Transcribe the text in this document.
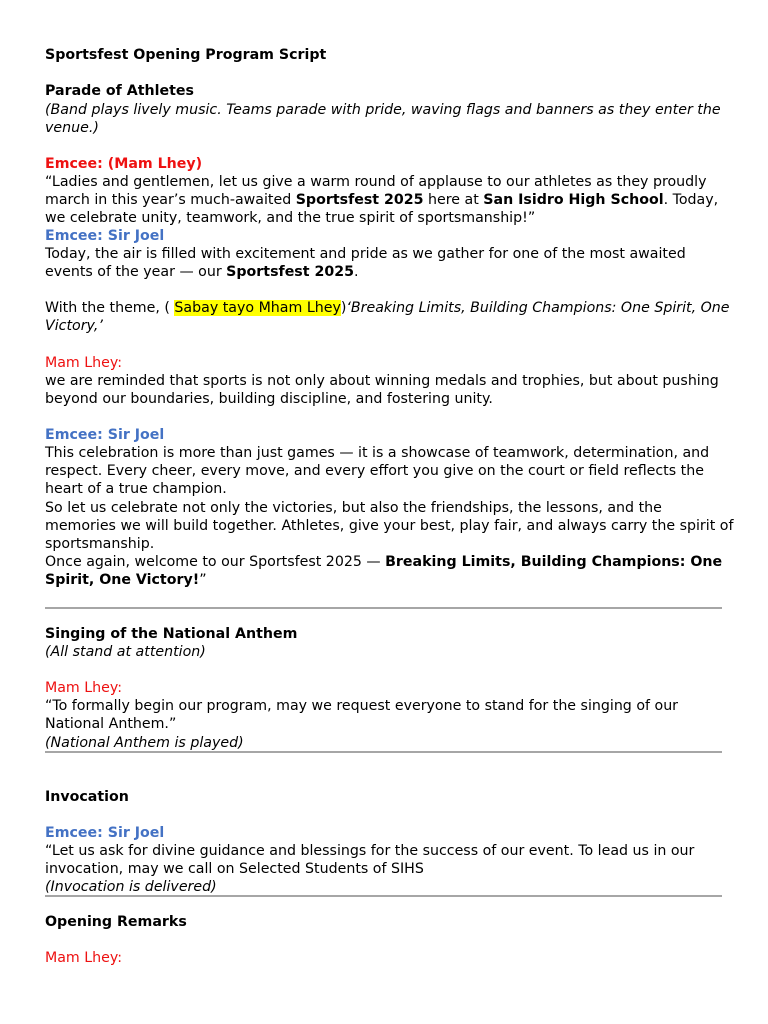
Sportsfest Opening Program Script
Parade of Athletes
(Band plays lively music. Teams parade with pride, waving flags and banners as they enter the venue.)
Emcee: (Mam Lhey)
“Ladies and gentlemen, let us give a warm round of applause to our athletes as they proudly march in this year’s much-awaited Sportsfest 2025 here at San Isidro High School. Today, we celebrate unity, teamwork, and the true spirit of sportsmanship!”
Emcee: Sir Joel
Today, the air is filled with excitement and pride as we gather for one of the most awaited events of the year — our Sportsfest 2025.
With the theme, ( Sabay tayo Mham Lhey)‘Breaking Limits, Building Champions: One Spirit, One Victory,’
Mam Lhey:
we are reminded that sports is not only about winning medals and trophies, but about pushing beyond our boundaries, building discipline, and fostering unity.
Emcee: Sir Joel
This celebration is more than just games — it is a showcase of teamwork, determination, and respect. Every cheer, every move, and every effort you give on the court or field reflects the heart of a true champion.
So let us celebrate not only the victories, but also the friendships, the lessons, and the memories we will build together. Athletes, give your best, play fair, and always carry the spirit of sportsmanship.
Once again, welcome to our Sportsfest 2025 — Breaking Limits, Building Champions: One Spirit, One Victory!”
Singing of the National Anthem
(All stand at attention)
Mam Lhey:
“To formally begin our program, may we request everyone to stand for the singing of our National Anthem.”
(National Anthem is played)
Invocation
Emcee: Sir Joel
“Let us ask for divine guidance and blessings for the success of our event. To lead us in our invocation, may we call on Selected Students of SIHS
(Invocation is delivered)
Opening Remarks
Mam Lhey:
